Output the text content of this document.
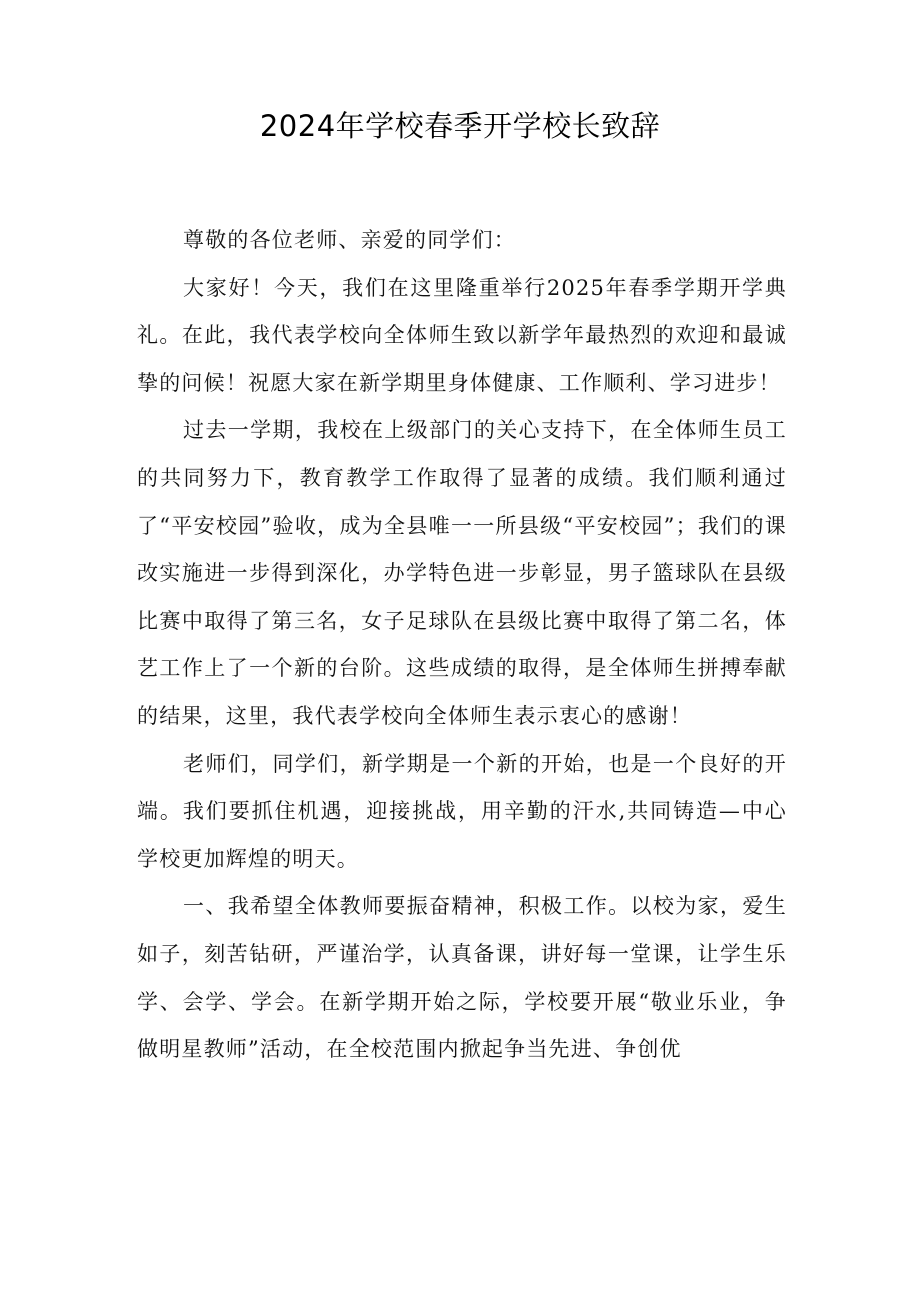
2024年学校春季开学校长致辞

尊敬的各位老师、亲爱的同学们：

大家好！今天，我们在这里隆重举行2025年春季学期开学典礼。在此，我代表学校向全体师生致以新学年最热烈的欢迎和最诚挚的问候！祝愿大家在新学期里身体健康、工作顺利、学习进步！

过去一学期，我校在上级部门的关心支持下，在全体师生员工的共同努力下，教育教学工作取得了显著的成绩。我们顺利通过了“平安校园”验收，成为全县唯一一所县级“平安校园”；我们的课改实施进一步得到深化，办学特色进一步彰显，男子篮球队在县级比赛中取得了第三名，女子足球队在县级比赛中取得了第二名，体艺工作上了一个新的台阶。这些成绩的取得，是全体师生拼搏奉献的结果，这里，我代表学校向全体师生表示衷心的感谢！

老师们，同学们，新学期是一个新的开始，也是一个良好的开端。我们要抓住机遇，迎接挑战，用辛勤的汗水,共同铸造—中心学校更加辉煌的明天。

一、我希望全体教师要振奋精神，积极工作。以校为家，爱生如子，刻苦钻研，严谨治学，认真备课，讲好每一堂课，让学生乐学、会学、学会。在新学期开始之际，学校要开展“敬业乐业，争做明星教师”活动，在全校范围内掀起争当先进、争创优
